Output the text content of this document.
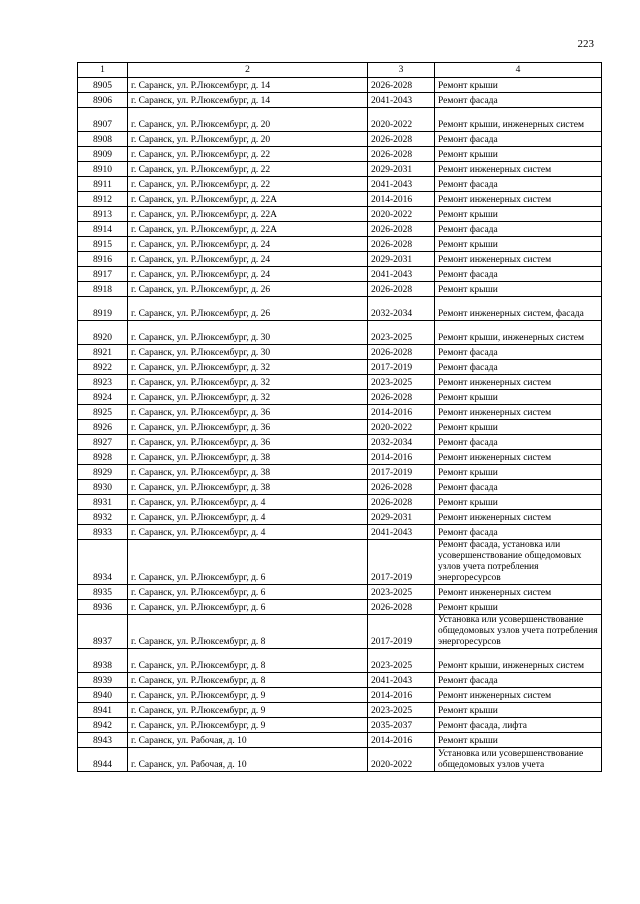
223
1	2	3	4
8905	г. Саранск, ул. Р.Люксембург, д. 14	2026-2028	Ремонт крыши
8906	г. Саранск, ул. Р.Люксембург, д. 14	2041-2043	Ремонт фасада
8907	г. Саранск, ул. Р.Люксембург, д. 20	2020-2022	Ремонт крыши, инженерных систем
8908	г. Саранск, ул. Р.Люксембург, д. 20	2026-2028	Ремонт фасада
8909	г. Саранск, ул. Р.Люксембург, д. 22	2026-2028	Ремонт крыши
8910	г. Саранск, ул. Р.Люксембург, д. 22	2029-2031	Ремонт инженерных систем
8911	г. Саранск, ул. Р.Люксембург, д. 22	2041-2043	Ремонт фасада
8912	г. Саранск, ул. Р.Люксембург, д. 22А	2014-2016	Ремонт инженерных систем
8913	г. Саранск, ул. Р.Люксембург, д. 22А	2020-2022	Ремонт крыши
8914	г. Саранск, ул. Р.Люксембург, д. 22А	2026-2028	Ремонт фасада
8915	г. Саранск, ул. Р.Люксембург, д. 24	2026-2028	Ремонт крыши
8916	г. Саранск, ул. Р.Люксембург, д. 24	2029-2031	Ремонт инженерных систем
8917	г. Саранск, ул. Р.Люксембург, д. 24	2041-2043	Ремонт фасада
8918	г. Саранск, ул. Р.Люксембург, д. 26	2026-2028	Ремонт крыши
8919	г. Саранск, ул. Р.Люксембург, д. 26	2032-2034	Ремонт инженерных систем, фасада
8920	г. Саранск, ул. Р.Люксембург, д. 30	2023-2025	Ремонт крыши, инженерных систем
8921	г. Саранск, ул. Р.Люксембург, д. 30	2026-2028	Ремонт фасада
8922	г. Саранск, ул. Р.Люксембург, д. 32	2017-2019	Ремонт фасада
8923	г. Саранск, ул. Р.Люксембург, д. 32	2023-2025	Ремонт инженерных систем
8924	г. Саранск, ул. Р.Люксембург, д. 32	2026-2028	Ремонт крыши
8925	г. Саранск, ул. Р.Люксембург, д. 36	2014-2016	Ремонт инженерных систем
8926	г. Саранск, ул. Р.Люксембург, д. 36	2020-2022	Ремонт крыши
8927	г. Саранск, ул. Р.Люксембург, д. 36	2032-2034	Ремонт фасада
8928	г. Саранск, ул. Р.Люксембург, д. 38	2014-2016	Ремонт инженерных систем
8929	г. Саранск, ул. Р.Люксембург, д. 38	2017-2019	Ремонт крыши
8930	г. Саранск, ул. Р.Люксембург, д. 38	2026-2028	Ремонт фасада
8931	г. Саранск, ул. Р.Люксембург, д. 4	2026-2028	Ремонт крыши
8932	г. Саранск, ул. Р.Люксембург, д. 4	2029-2031	Ремонт инженерных систем
8933	г. Саранск, ул. Р.Люксембург, д. 4	2041-2043	Ремонт фасада
8934	г. Саранск, ул. Р.Люксембург, д. 6	2017-2019	Ремонт фасада, установка или усовершенствование общедомовых узлов учета потребления энергоресурсов
8935	г. Саранск, ул. Р.Люксембург, д. 6	2023-2025	Ремонт инженерных систем
8936	г. Саранск, ул. Р.Люксембург, д. 6	2026-2028	Ремонт крыши
8937	г. Саранск, ул. Р.Люксембург, д. 8	2017-2019	Установка или усовершенствование общедомовых узлов учета потребления энергоресурсов
8938	г. Саранск, ул. Р.Люксембург, д. 8	2023-2025	Ремонт крыши, инженерных систем
8939	г. Саранск, ул. Р.Люксембург, д. 8	2041-2043	Ремонт фасада
8940	г. Саранск, ул. Р.Люксембург, д. 9	2014-2016	Ремонт инженерных систем
8941	г. Саранск, ул. Р.Люксембург, д. 9	2023-2025	Ремонт крыши
8942	г. Саранск, ул. Р.Люксембург, д. 9	2035-2037	Ремонт фасада, лифта
8943	г. Саранск, ул. Рабочая, д. 10	2014-2016	Ремонт крыши
8944	г. Саранск, ул. Рабочая, д. 10	2020-2022	Установка или усовершенствование общедомовых узлов учета
